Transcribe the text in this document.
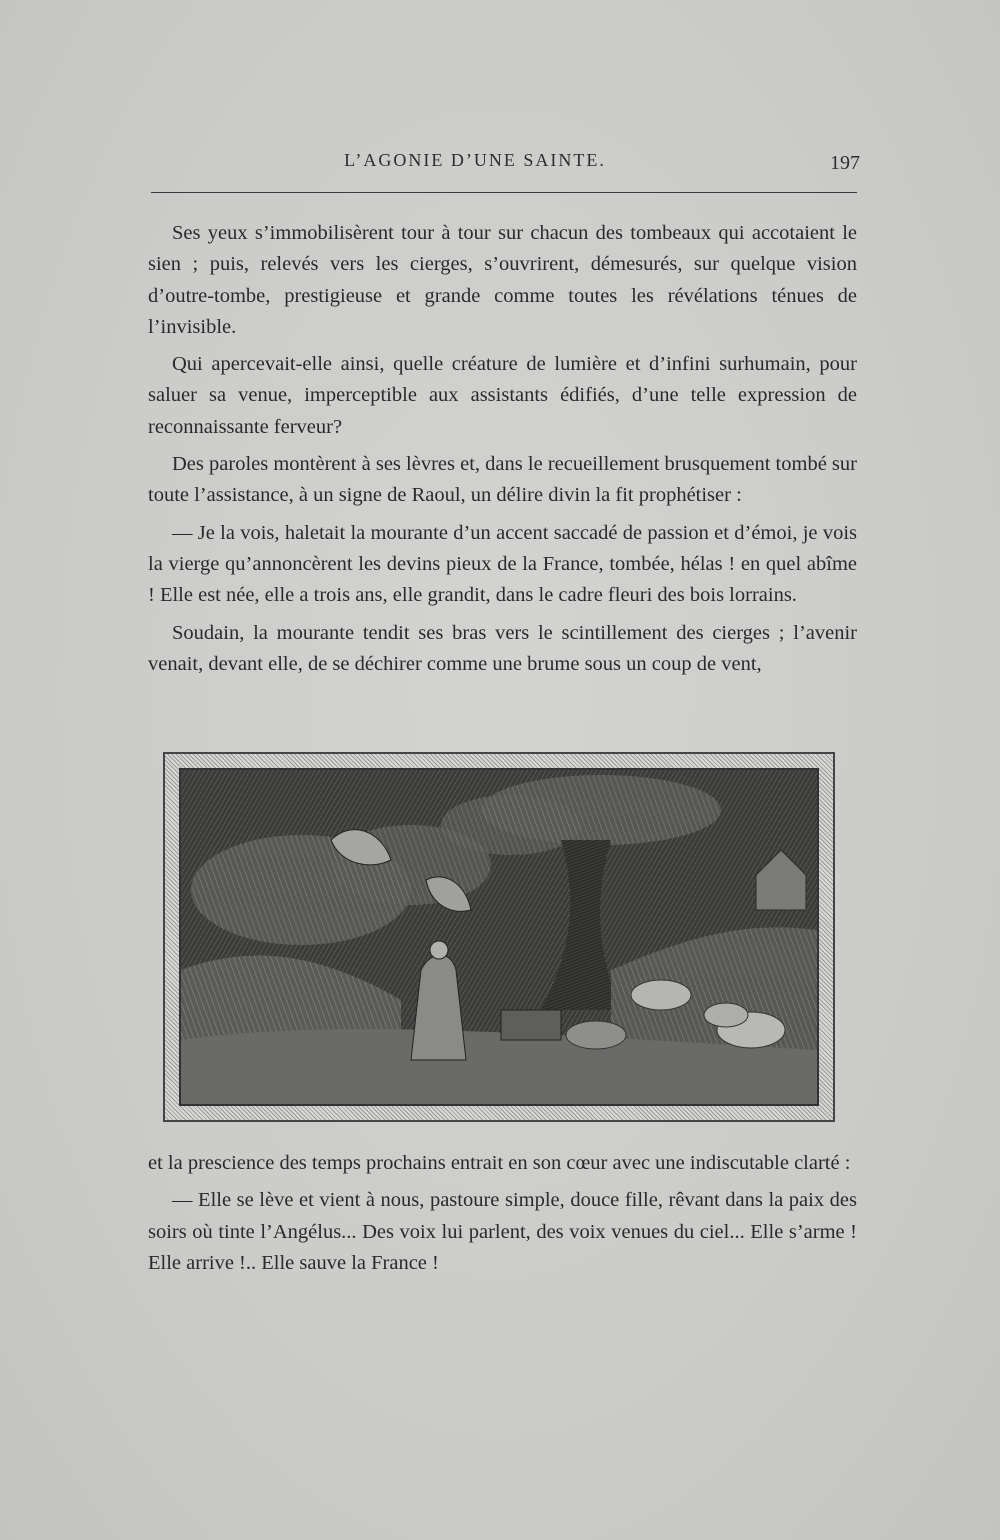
L’AGONIE D’UNE SAINTE.	197

Ses yeux s’immobilisèrent tour à tour sur chacun des tombeaux qui accotaient le sien ; puis, relevés vers les cierges, s’ouvrirent, démesurés, sur quelque vision d’outre-tombe, prestigieuse et grande comme toutes les révélations ténues de l’invisible.

Qui apercevait-elle ainsi, quelle créature de lumière et d’infini surhumain, pour saluer sa venue, imperceptible aux assistants édifiés, d’une telle expression de reconnaissante ferveur?

Des paroles montèrent à ses lèvres et, dans le recueillement brusquement tombé sur toute l’assistance, à un signe de Raoul, un délire divin la fit prophétiser :

— Je la vois, haletait la mourante d’un accent saccadé de passion et d’émoi, je vois la vierge qu’annoncèrent les devins pieux de la France, tombée, hélas ! en quel abîme ! Elle est née, elle a trois ans, elle grandit, dans le cadre fleuri des bois lorrains.

Soudain, la mourante tendit ses bras vers le scintillement des cierges ; l’avenir venait, devant elle, de se déchirer comme une brume sous un coup de vent,

et la prescience des temps prochains entrait en son cœur avec une indiscutable clarté :

— Elle se lève et vient à nous, pastoure simple, douce fille, rêvant dans la paix des soirs où tinte l’Angélus... Des voix lui parlent, des voix venues du ciel... Elle s’arme ! Elle arrive !.. Elle sauve la France !
